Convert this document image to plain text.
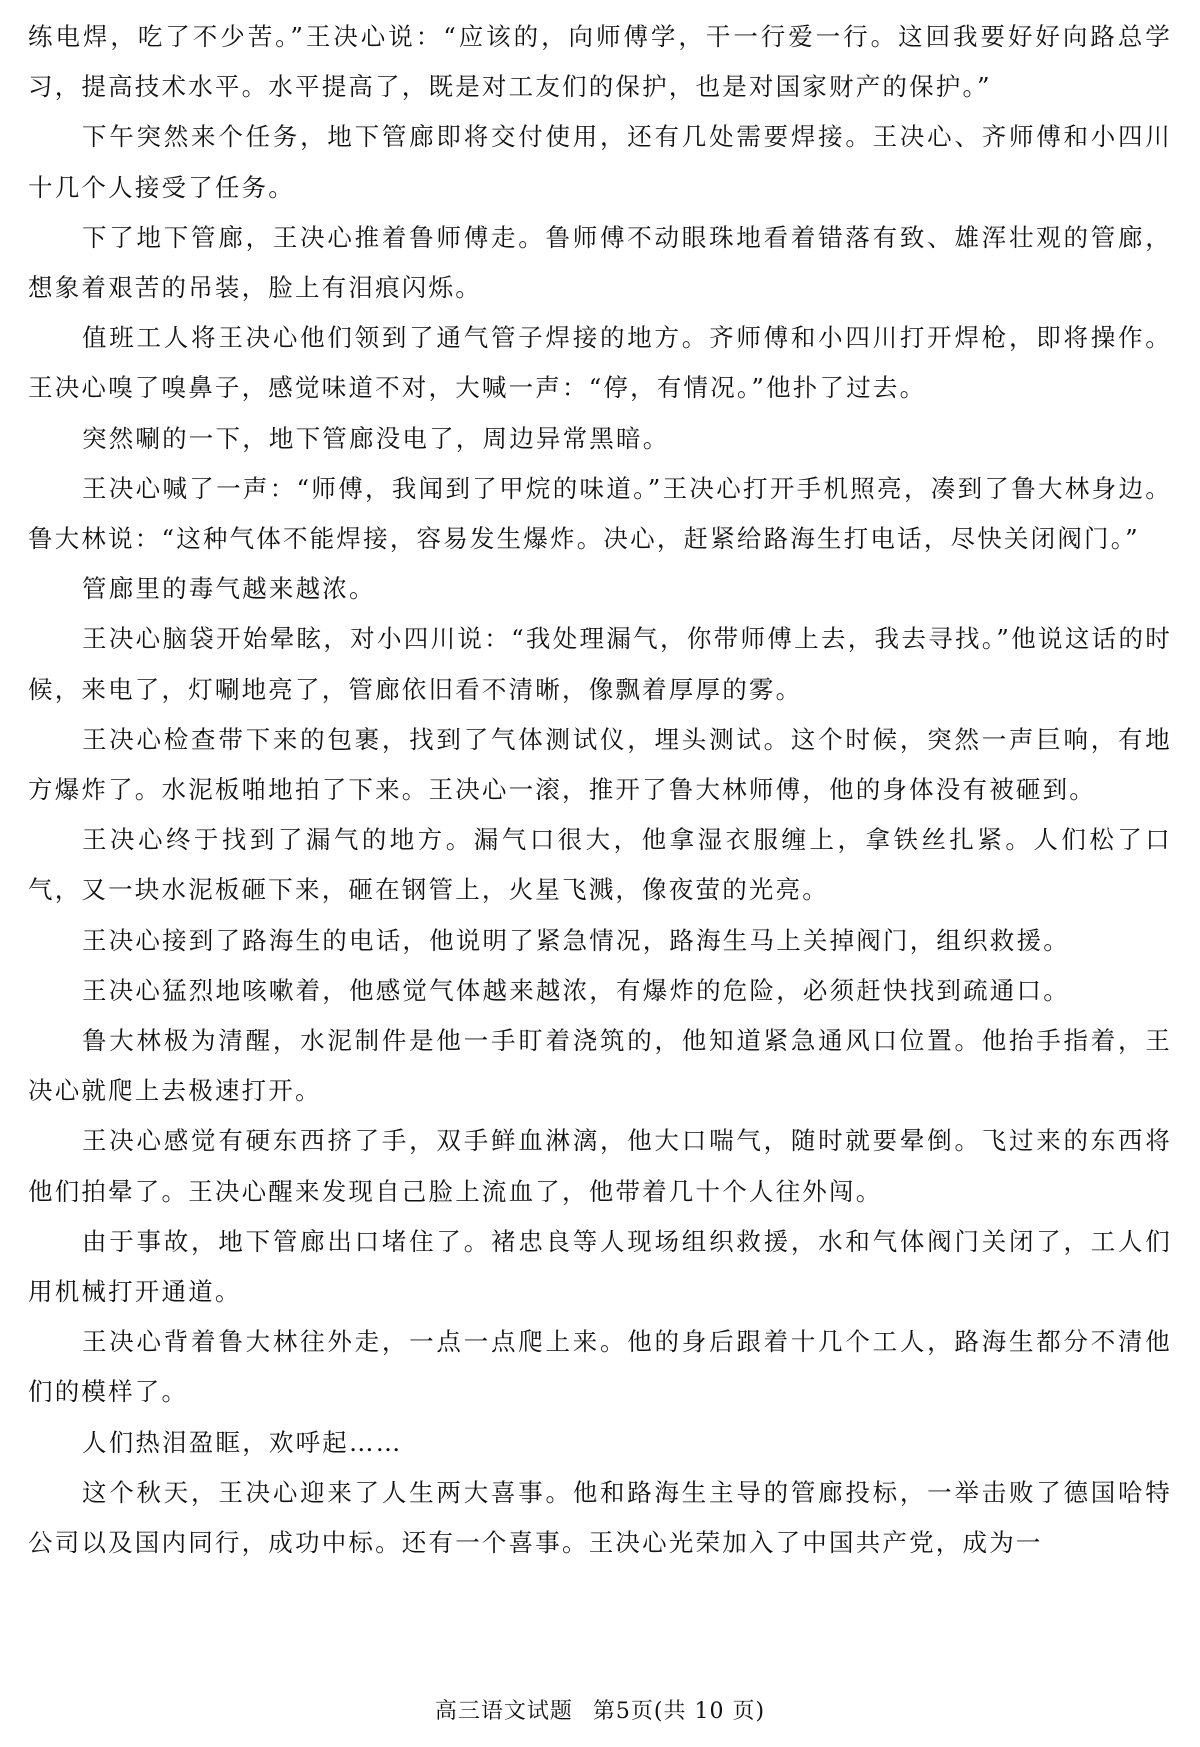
练电焊，吃了不少苦。”王决心说：“应该的，向师傅学，干一行爱一行。这回我要好好向路总学习，提高技术水平。水平提高了，既是对工友们的保护，也是对国家财产的保护。”

下午突然来个任务，地下管廊即将交付使用，还有几处需要焊接。王决心、齐师傅和小四川十几个人接受了任务。

下了地下管廊，王决心推着鲁师傅走。鲁师傅不动眼珠地看着错落有致、雄浑壮观的管廊，想象着艰苦的吊装，脸上有泪痕闪烁。

值班工人将王决心他们领到了通气管子焊接的地方。齐师傅和小四川打开焊枪，即将操作。王决心嗅了嗅鼻子，感觉味道不对，大喊一声：“停，有情况。”他扑了过去。

突然唰的一下，地下管廊没电了，周边异常黑暗。

王决心喊了一声：“师傅，我闻到了甲烷的味道。”王决心打开手机照亮，凑到了鲁大林身边。鲁大林说：“这种气体不能焊接，容易发生爆炸。决心，赶紧给路海生打电话，尽快关闭阀门。”

管廊里的毒气越来越浓。

王决心脑袋开始晕眩，对小四川说：“我处理漏气，你带师傅上去，我去寻找。”他说这话的时候，来电了，灯唰地亮了，管廊依旧看不清晰，像飘着厚厚的雾。

王决心检查带下来的包裹，找到了气体测试仪，埋头测试。这个时候，突然一声巨响，有地方爆炸了。水泥板啪地拍了下来。王决心一滚，推开了鲁大林师傅，他的身体没有被砸到。

王决心终于找到了漏气的地方。漏气口很大，他拿湿衣服缠上，拿铁丝扎紧。人们松了口气，又一块水泥板砸下来，砸在钢管上，火星飞溅，像夜萤的光亮。

王决心接到了路海生的电话，他说明了紧急情况，路海生马上关掉阀门，组织救援。

王决心猛烈地咳嗽着，他感觉气体越来越浓，有爆炸的危险，必须赶快找到疏通口。

鲁大林极为清醒，水泥制件是他一手盯着浇筑的，他知道紧急通风口位置。他抬手指着，王决心就爬上去极速打开。

王决心感觉有硬东西挤了手，双手鲜血淋漓，他大口喘气，随时就要晕倒。飞过来的东西将他们拍晕了。王决心醒来发现自己脸上流血了，他带着几十个人往外闯。

由于事故，地下管廊出口堵住了。褚忠良等人现场组织救援，水和气体阀门关闭了，工人们用机械打开通道。

王决心背着鲁大林往外走，一点一点爬上来。他的身后跟着十几个工人，路海生都分不清他们的模样了。

人们热泪盈眶，欢呼起……

这个秋天，王决心迎来了人生两大喜事。他和路海生主导的管廊投标，一举击败了德国哈特公司以及国内同行，成功中标。还有一个喜事。王决心光荣加入了中国共产党，成为一

高三语文试题 第5页(共 10 页)
